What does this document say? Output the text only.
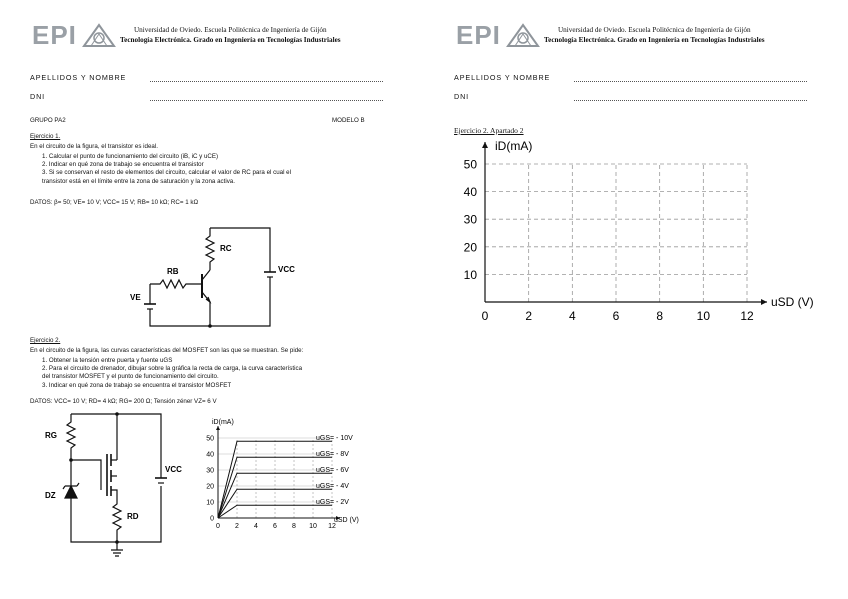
EPI	Universidad de Oviedo. Escuela Politécnica de Ingeniería de Gijón
Tecnología Electrónica. Grado en Ingeniería en Tecnologías Industriales
APELLIDOS Y NOMBRE
DNI
GRUPO PA2	MODELO B
Ejercicio 1.
En el circuito de la figura, el transistor es ideal.
1. Calcular el punto de funcionamiento del circuito (iB, iC y uCE)
2. Indicar en qué zona de trabajo se encuentra el transistor
3. Si se conservan el resto de elementos del circuito, calcular el valor de RC para el cual el
transistor está en el límite entre la zona de saturación y la zona activa.
DATOS: β= 50; VE= 10 V; VCC= 15 V; RB= 10 kΩ; RC= 1 kΩ
RC
RB
VE
VCC
Ejercicio 2.
En el circuito de la figura, las curvas características del MOSFET son las que se muestran. Se pide:
1. Obtener la tensión entre puerta y fuente uGS
2. Para el circuito de drenador, dibujar sobre la gráfica la recta de carga, la curva característica
del transistor MOSFET y el punto de funcionamiento del circuito.
3. Indicar en qué zona de trabajo se encuentra el transistor MOSFET
DATOS: VCC= 10 V; RD= 4 kΩ; RG= 200 Ω; Tensión zéner VZ= 6 V
RG
DZ
RD
VCC
uGS= - 10V
uGS= - 8V
uGS= - 6V
uGS= - 4V
uGS= - 2V
50
40
30
20
10
0
0 2 4 6 8 10 12
iD(mA)
uSD (V)
EPI	Universidad de Oviedo. Escuela Politécnica de Ingeniería de Gijón
Tecnología Electrónica. Grado en Ingeniería en Tecnologías Industriales
APELLIDOS Y NOMBRE
DNI
Ejercicio 2. Apartado 2
50
40
30
20
10
0	2	4	6	8	10	12
iD(mA)
uSD (V)
